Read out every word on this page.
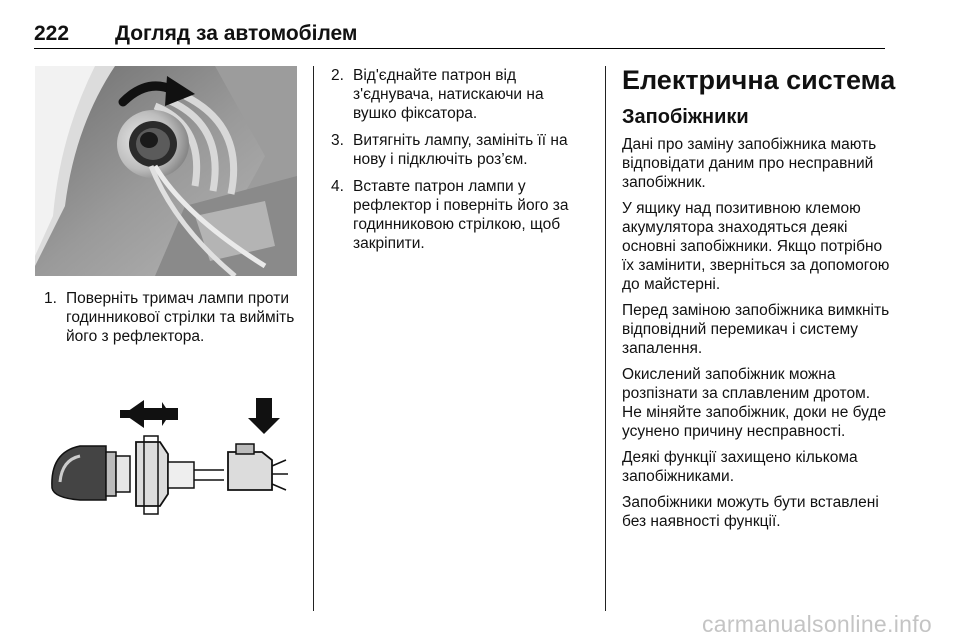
222 Догляд за автомобілем
1. Поверніть тримач лампи проти годинникової стрілки та вийміть його з рефлектора.
2. Від'єднайте патрон від з'єднувача, натискаючи на вушко фіксатора.
3. Витягніть лампу, замініть її на нову і підключіть роз’єм.
4. Вставте патрон лампи у рефлектор і поверніть його за годинниковою стрілкою, щоб закріпити.
Електрична система
Запобіжники

Дані про заміну запобіжника мають відповідати даним про несправний запобіжник.

У ящику над позитивною клемою акумулятора знаходяться деякі основні запобіжники. Якщо потрібно їх замінити, зверніться за допомогою до майстерні.

Перед заміною запобіжника вимкніть відповідний перемикач і систему запалення.

Окислений запобіжник можна розпізнати за сплавленим дротом. Не міняйте запобіжник, доки не буде усунено причину несправності.

Деякі функції захищено кількома запобіжниками.

Запобіжники можуть бути вставлені без наявності функції.

carmanualsonline.info
